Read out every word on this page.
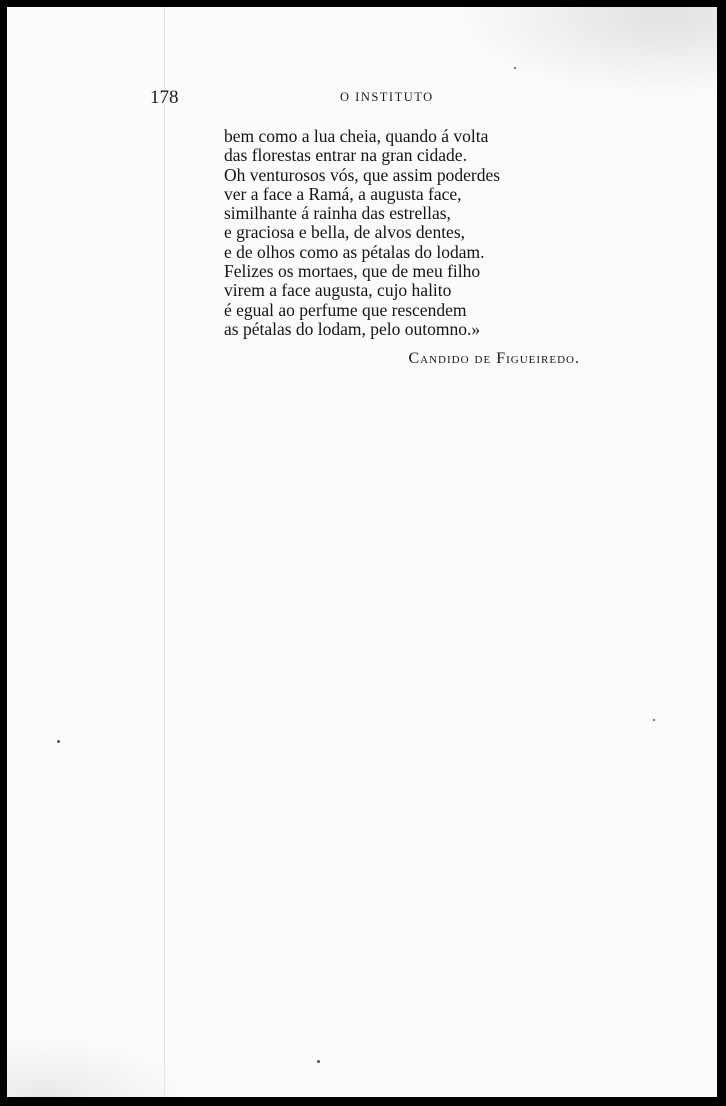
178	O INSTITUTO
bem como a lua cheia, quando á volta
das florestas entrar na gran cidade.
Oh venturosos vós, que assim poderdes
ver a face a Ramá, a augusta face,
similhante á rainha das estrellas,
e graciosa e bella, de alvos dentes,
e de olhos como as pétalas do lodam.
Felizes os mortaes, que de meu filho
virem a face augusta, cujo halito
é egual ao perfume que rescendem
as pétalas do lodam, pelo outomno.»
Candido de Figueiredo.
